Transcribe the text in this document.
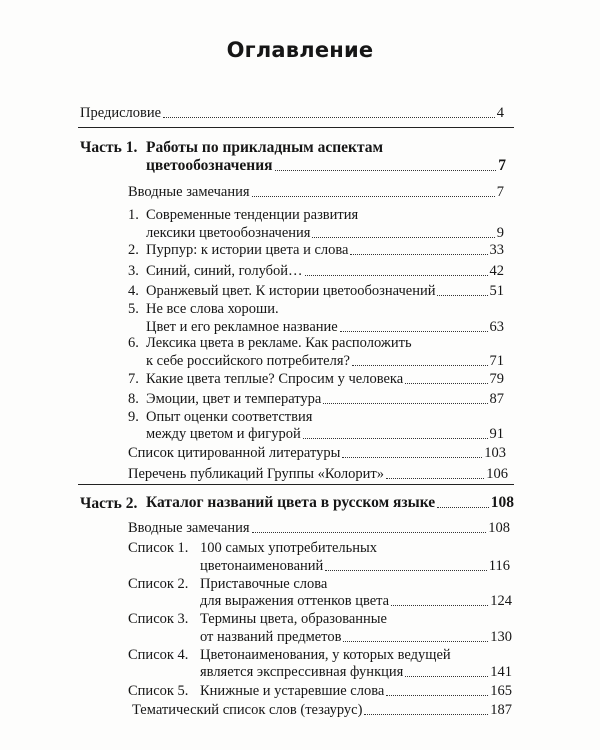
Оглавление
Предисловие	4
Часть 1. Работы по прикладным аспектам
цветообозначения	7
Вводные замечания	7
1. Современные тенденции развития
лексики цветообозначения	9
2. Пурпур: к истории цвета и слова	33
3. Синий, синий, голубой…	42
4. Оранжевый цвет. К истории цветообозначений	51
5. Не все слова хороши.
Цвет и его рекламное название	63
6. Лексика цвета в рекламе. Как расположить
к себе российского потребителя?	71
7. Какие цвета теплые? Спросим у человека	79
8. Эмоции, цвет и температура	87
9. Опыт оценки соответствия
между цветом и фигурой	91
Список цитированной литературы	103
Перечень публикаций Группы «Колорит»	106
Часть 2. Каталог названий цвета в русском языке	108
Вводные замечания	108
Список 1. 100 самых употребительных
цветонаименований	116
Список 2. Приставочные слова
для выражения оттенков цвета	124
Список 3. Термины цвета, образованные
от названий предметов	130
Список 4. Цветонаименования, у которых ведущей
является экспрессивная функция	141
Список 5. Книжные и устаревшие слова	165
Тематический список слов (тезаурус)	187
